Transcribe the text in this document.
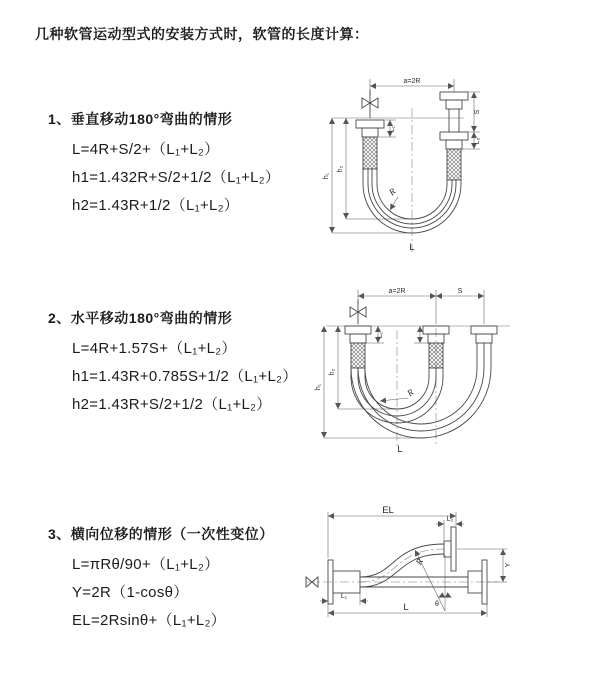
几种软管运动型式的安装方式时，软管的长度计算：
1、垂直移动180°弯曲的情形
L=4R+S/2+（L₁+L₂）
h1=1.432R+S/2+1/2（L₁+L₂）
h2=1.43R+1/2（L₁+L₂）
2、水平移动180°弯曲的情形
L=4R+1.57S+（L₁+L₂）
h1=1.43R+0.785S+1/2（L₁+L₂）
h2=1.43R+S/2+1/2（L₁+L₂）
3、横向位移的情形（一次性变位）
L=πRθ/90+（L₁+L₂）
Y=2R（1-cosθ）
EL=2Rsinθ+（L₁+L₂）
a=2R
L₁
S
L₂
h₂
h₁
R
L
a=2R	S
L₁
h₂
h₁	R
L
EL
L₂
Y
R
θ
L
L₁
